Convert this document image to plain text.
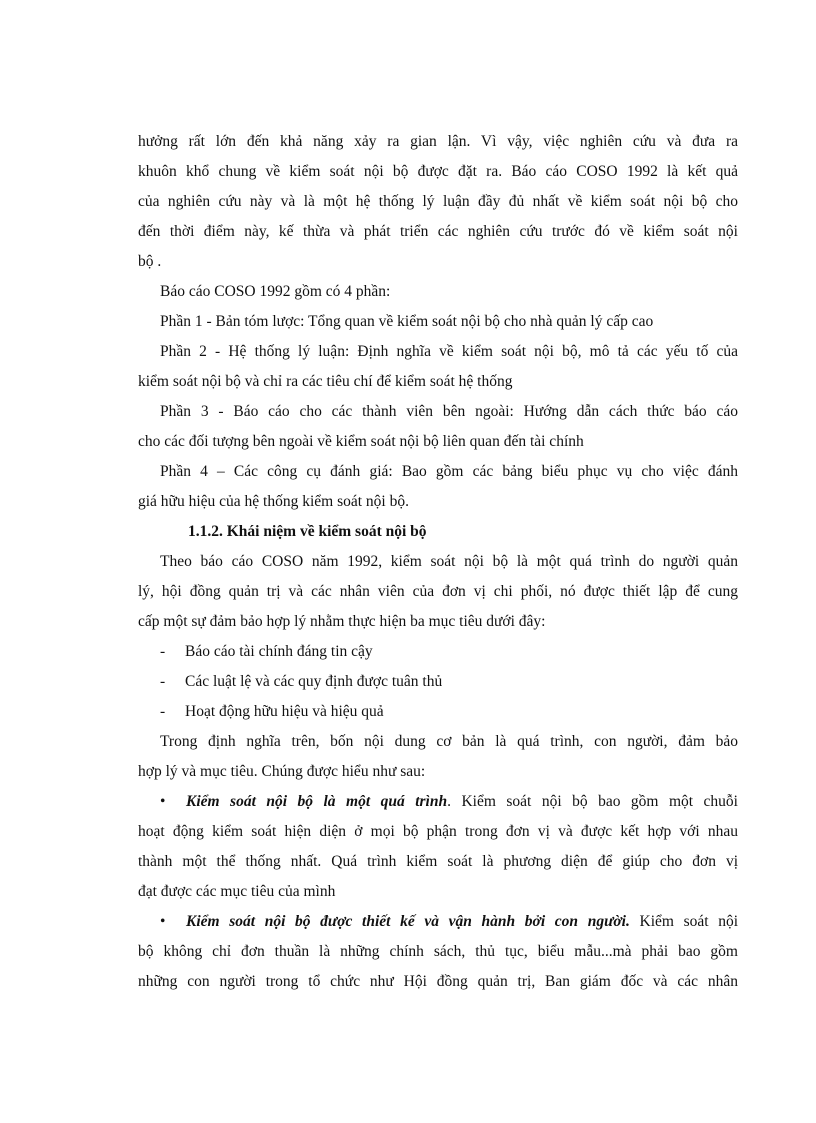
hưởng rất lớn đến khả năng xảy ra gian lận. Vì vậy, việc nghiên cứu và đưa ra
khuôn khổ chung về kiểm soát nội bộ được đặt ra. Báo cáo COSO 1992 là kết quả
của nghiên cứu này và là một hệ thống lý luận đầy đủ nhất về kiểm soát nội bộ cho
đến thời điểm này, kế thừa và phát triển các nghiên cứu trước đó về kiểm soát nội
bộ .
Báo cáo COSO 1992 gồm có 4 phần:
Phần 1 - Bản tóm lược: Tổng quan về kiểm soát nội bộ cho nhà quản lý cấp cao
Phần 2 - Hệ thống lý luận: Định nghĩa về kiểm soát nội bộ, mô tả các yếu tố của
kiểm soát nội bộ và chỉ ra các tiêu chí để kiểm soát hệ thống
Phần 3 - Báo cáo cho các thành viên bên ngoài: Hướng dẫn cách thức báo cáo
cho các đối tượng bên ngoài về kiểm soát nội bộ liên quan đến tài chính
Phần 4 – Các công cụ đánh giá: Bao gồm các bảng biểu phục vụ cho việc đánh
giá hữu hiệu của hệ thống kiểm soát nội bộ.
1.1.2. Khái niệm về kiểm soát nội bộ
Theo báo cáo COSO năm 1992, kiểm soát nội bộ là một quá trình do người quản
lý, hội đồng quản trị và các nhân viên của đơn vị chi phối, nó được thiết lập để cung
cấp một sự đảm bảo hợp lý nhằm thực hiện ba mục tiêu dưới đây:
- Báo cáo tài chính đáng tin cậy
- Các luật lệ và các quy định được tuân thủ
- Hoạt động hữu hiệu và hiệu quả
Trong định nghĩa trên, bốn nội dung cơ bản là quá trình, con người, đảm bảo
hợp lý và mục tiêu. Chúng được hiểu như sau:
• Kiểm soát nội bộ là một quá trình. Kiểm soát nội bộ bao gồm một chuỗi
hoạt động kiểm soát hiện diện ở mọi bộ phận trong đơn vị và được kết hợp với nhau
thành một thể thống nhất. Quá trình kiểm soát là phương diện để giúp cho đơn vị
đạt được các mục tiêu của mình
• Kiểm soát nội bộ được thiết kế và vận hành bởi con người. Kiểm soát nội
bộ không chỉ đơn thuần là những chính sách, thủ tục, biểu mẫu...mà phải bao gồm
những con người trong tổ chức như Hội đồng quản trị, Ban giám đốc và các nhân
